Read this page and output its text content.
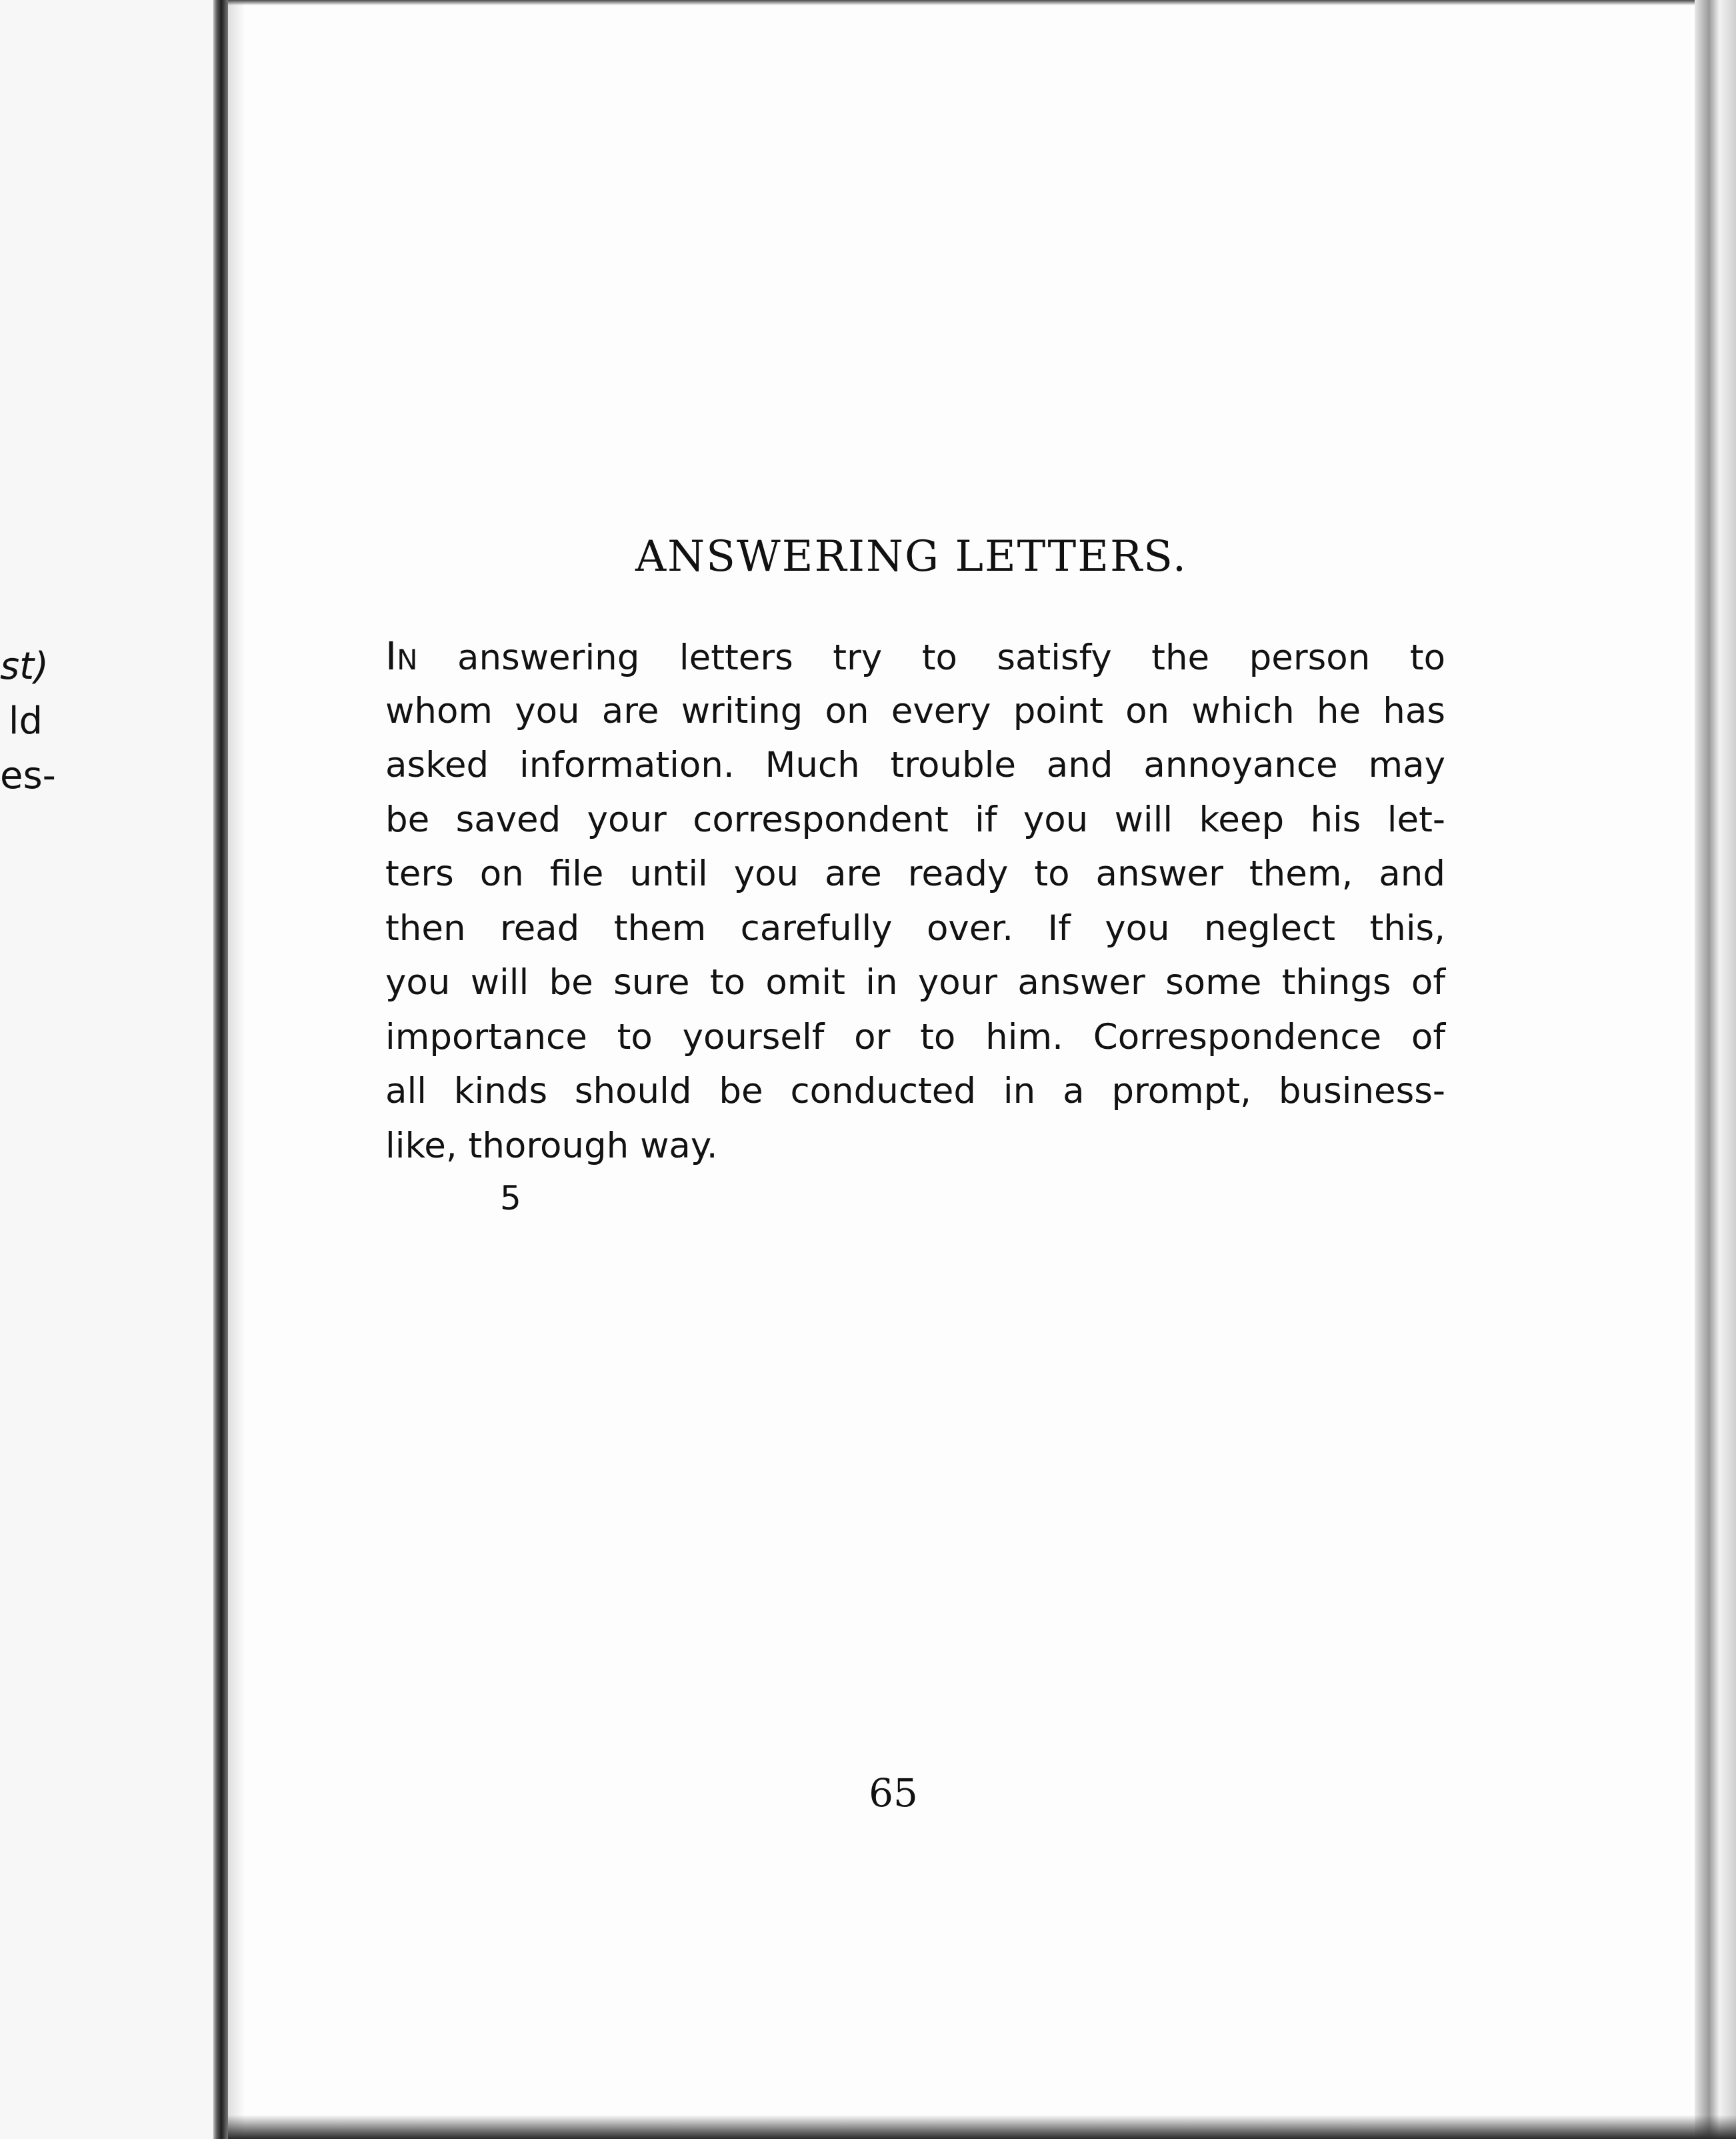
st)
ld
es-
ANSWERING LETTERS.
IN answering letters try to satisfy the person to
whom you are writing on every point on which he has
asked information. Much trouble and annoyance may
be saved your correspondent if you will keep his let-
ters on file until you are ready to answer them, and
then read them carefully over. If you neglect this,
you will be sure to omit in your answer some things of
importance to yourself or to him. Correspondence of
all kinds should be conducted in a prompt, business-
like, thorough way.
5
65
